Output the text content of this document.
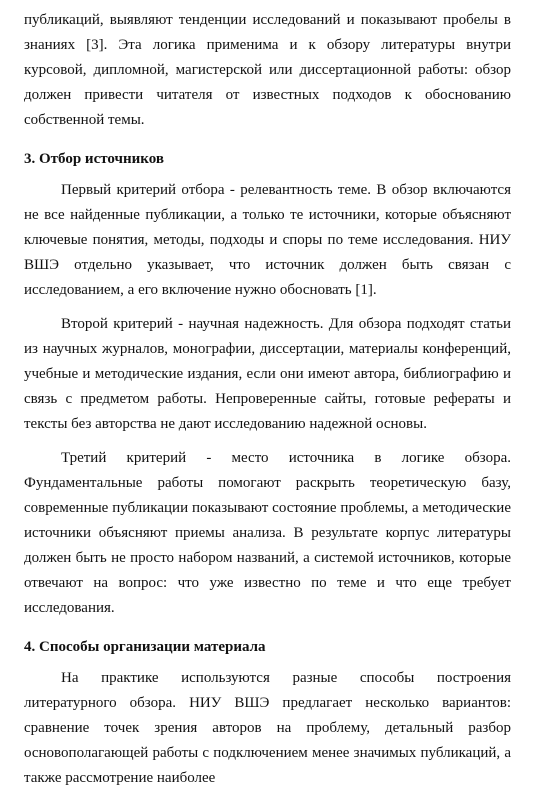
публикаций, выявляют тенденции исследований и показывают пробелы в знаниях [3]. Эта логика применима и к обзору литературы внутри курсовой, дипломной, магистерской или диссертационной работы: обзор должен привести читателя от известных подходов к обоснованию собственной темы.

3. Отбор источников

Первый критерий отбора - релевантность теме. В обзор включаются не все найденные публикации, а только те источники, которые объясняют ключевые понятия, методы, подходы и споры по теме исследования. НИУ ВШЭ отдельно указывает, что источник должен быть связан с исследованием, а его включение нужно обосновать [1].

Второй критерий - научная надежность. Для обзора подходят статьи из научных журналов, монографии, диссертации, материалы конференций, учебные и методические издания, если они имеют автора, библиографию и связь с предметом работы. Непроверенные сайты, готовые рефераты и тексты без авторства не дают исследованию надежной основы.

Третий критерий - место источника в логике обзора. Фундаментальные работы помогают раскрыть теоретическую базу, современные публикации показывают состояние проблемы, а методические источники объясняют приемы анализа. В результате корпус литературы должен быть не просто набором названий, а системой источников, которые отвечают на вопрос: что уже известно по теме и что еще требует исследования.

4. Способы организации материала

На практике используются разные способы построения литературного обзора. НИУ ВШЭ предлагает несколько вариантов: сравнение точек зрения авторов на проблему, детальный разбор основополагающей работы с подключением менее значимых публикаций, а также рассмотрение наиболее
